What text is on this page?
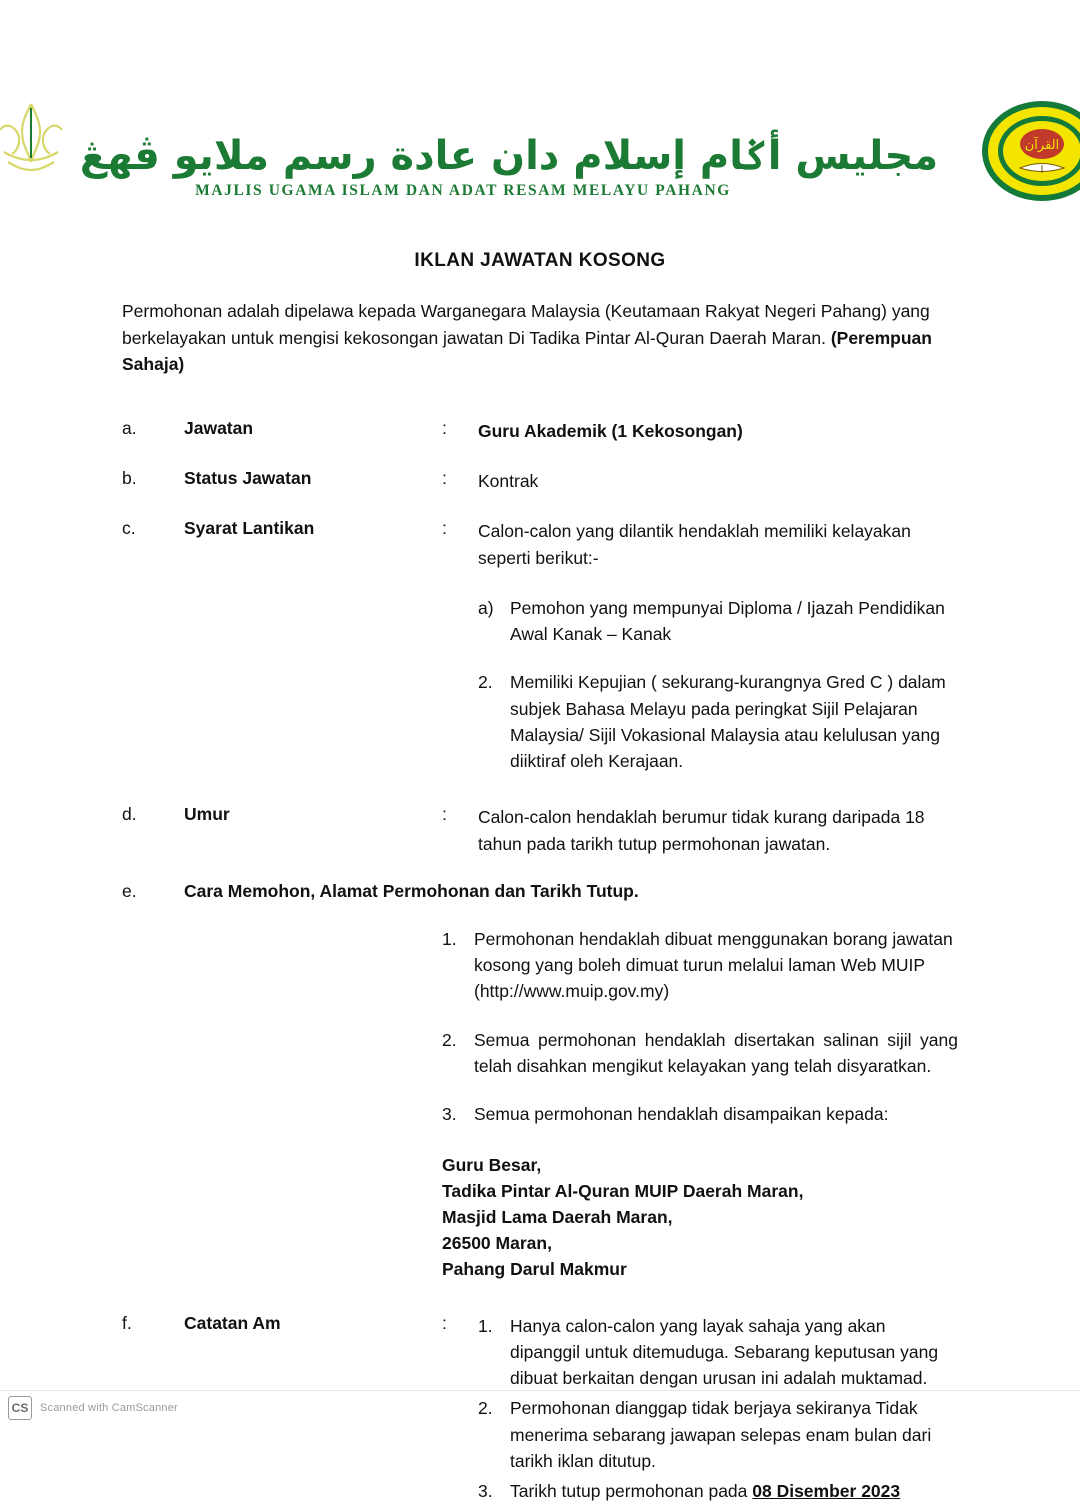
مجليس أݢام إسلام دان عادة رسم ملايو ڤهڠ
MAJLIS UGAMA ISLAM DAN ADAT RESAM MELAYU PAHANG
القرآن
IKLAN JAWATAN KOSONG
Permohonan adalah dipelawa kepada Warganegara Malaysia (Keutamaan Rakyat Negeri Pahang) yang berkelayakan untuk mengisi kekosongan jawatan Di Tadika Pintar Al-Quran Daerah Maran. (Perempuan Sahaja)
a.	Jawatan	:	Guru Akademik (1 Kekosongan)
b.	Status Jawatan	:	Kontrak
c.	Syarat Lantikan	:	Calon-calon yang dilantik hendaklah memiliki kelayakan seperti berikut:-
a) Pemohon yang mempunyai Diploma / Ijazah Pendidikan Awal Kanak – Kanak
2. Memiliki Kepujian ( sekurang-kurangnya Gred C ) dalam subjek Bahasa Melayu pada peringkat Sijil Pelajaran Malaysia/ Sijil Vokasional Malaysia atau kelulusan yang diiktiraf oleh Kerajaan.
d.	Umur	:	Calon-calon hendaklah berumur tidak kurang daripada 18 tahun pada tarikh tutup permohonan jawatan.
e.	Cara Memohon, Alamat Permohonan dan Tarikh Tutup.
1. Permohonan hendaklah dibuat menggunakan borang jawatan kosong yang boleh dimuat turun melalui laman Web MUIP (http://www.muip.gov.my)
2. Semua permohonan hendaklah disertakan salinan sijil yang telah disahkan mengikut kelayakan yang telah disyaratkan.
3. Semua permohonan hendaklah disampaikan kepada:
Guru Besar,
Tadika Pintar Al-Quran MUIP Daerah Maran,
Masjid Lama Daerah Maran,
26500 Maran,
Pahang Darul Makmur
f.	Catatan Am	:	1. Hanya calon-calon yang layak sahaja yang akan dipanggil untuk ditemuduga. Sebarang keputusan yang dibuat berkaitan dengan urusan ini adalah muktamad.
2. Permohonan dianggap tidak berjaya sekiranya Tidak menerima sebarang jawapan selepas enam bulan dari tarikh iklan ditutup.
3. Tarikh tutup permohonan pada 08 Disember 2023
CS	Scanned with CamScanner
